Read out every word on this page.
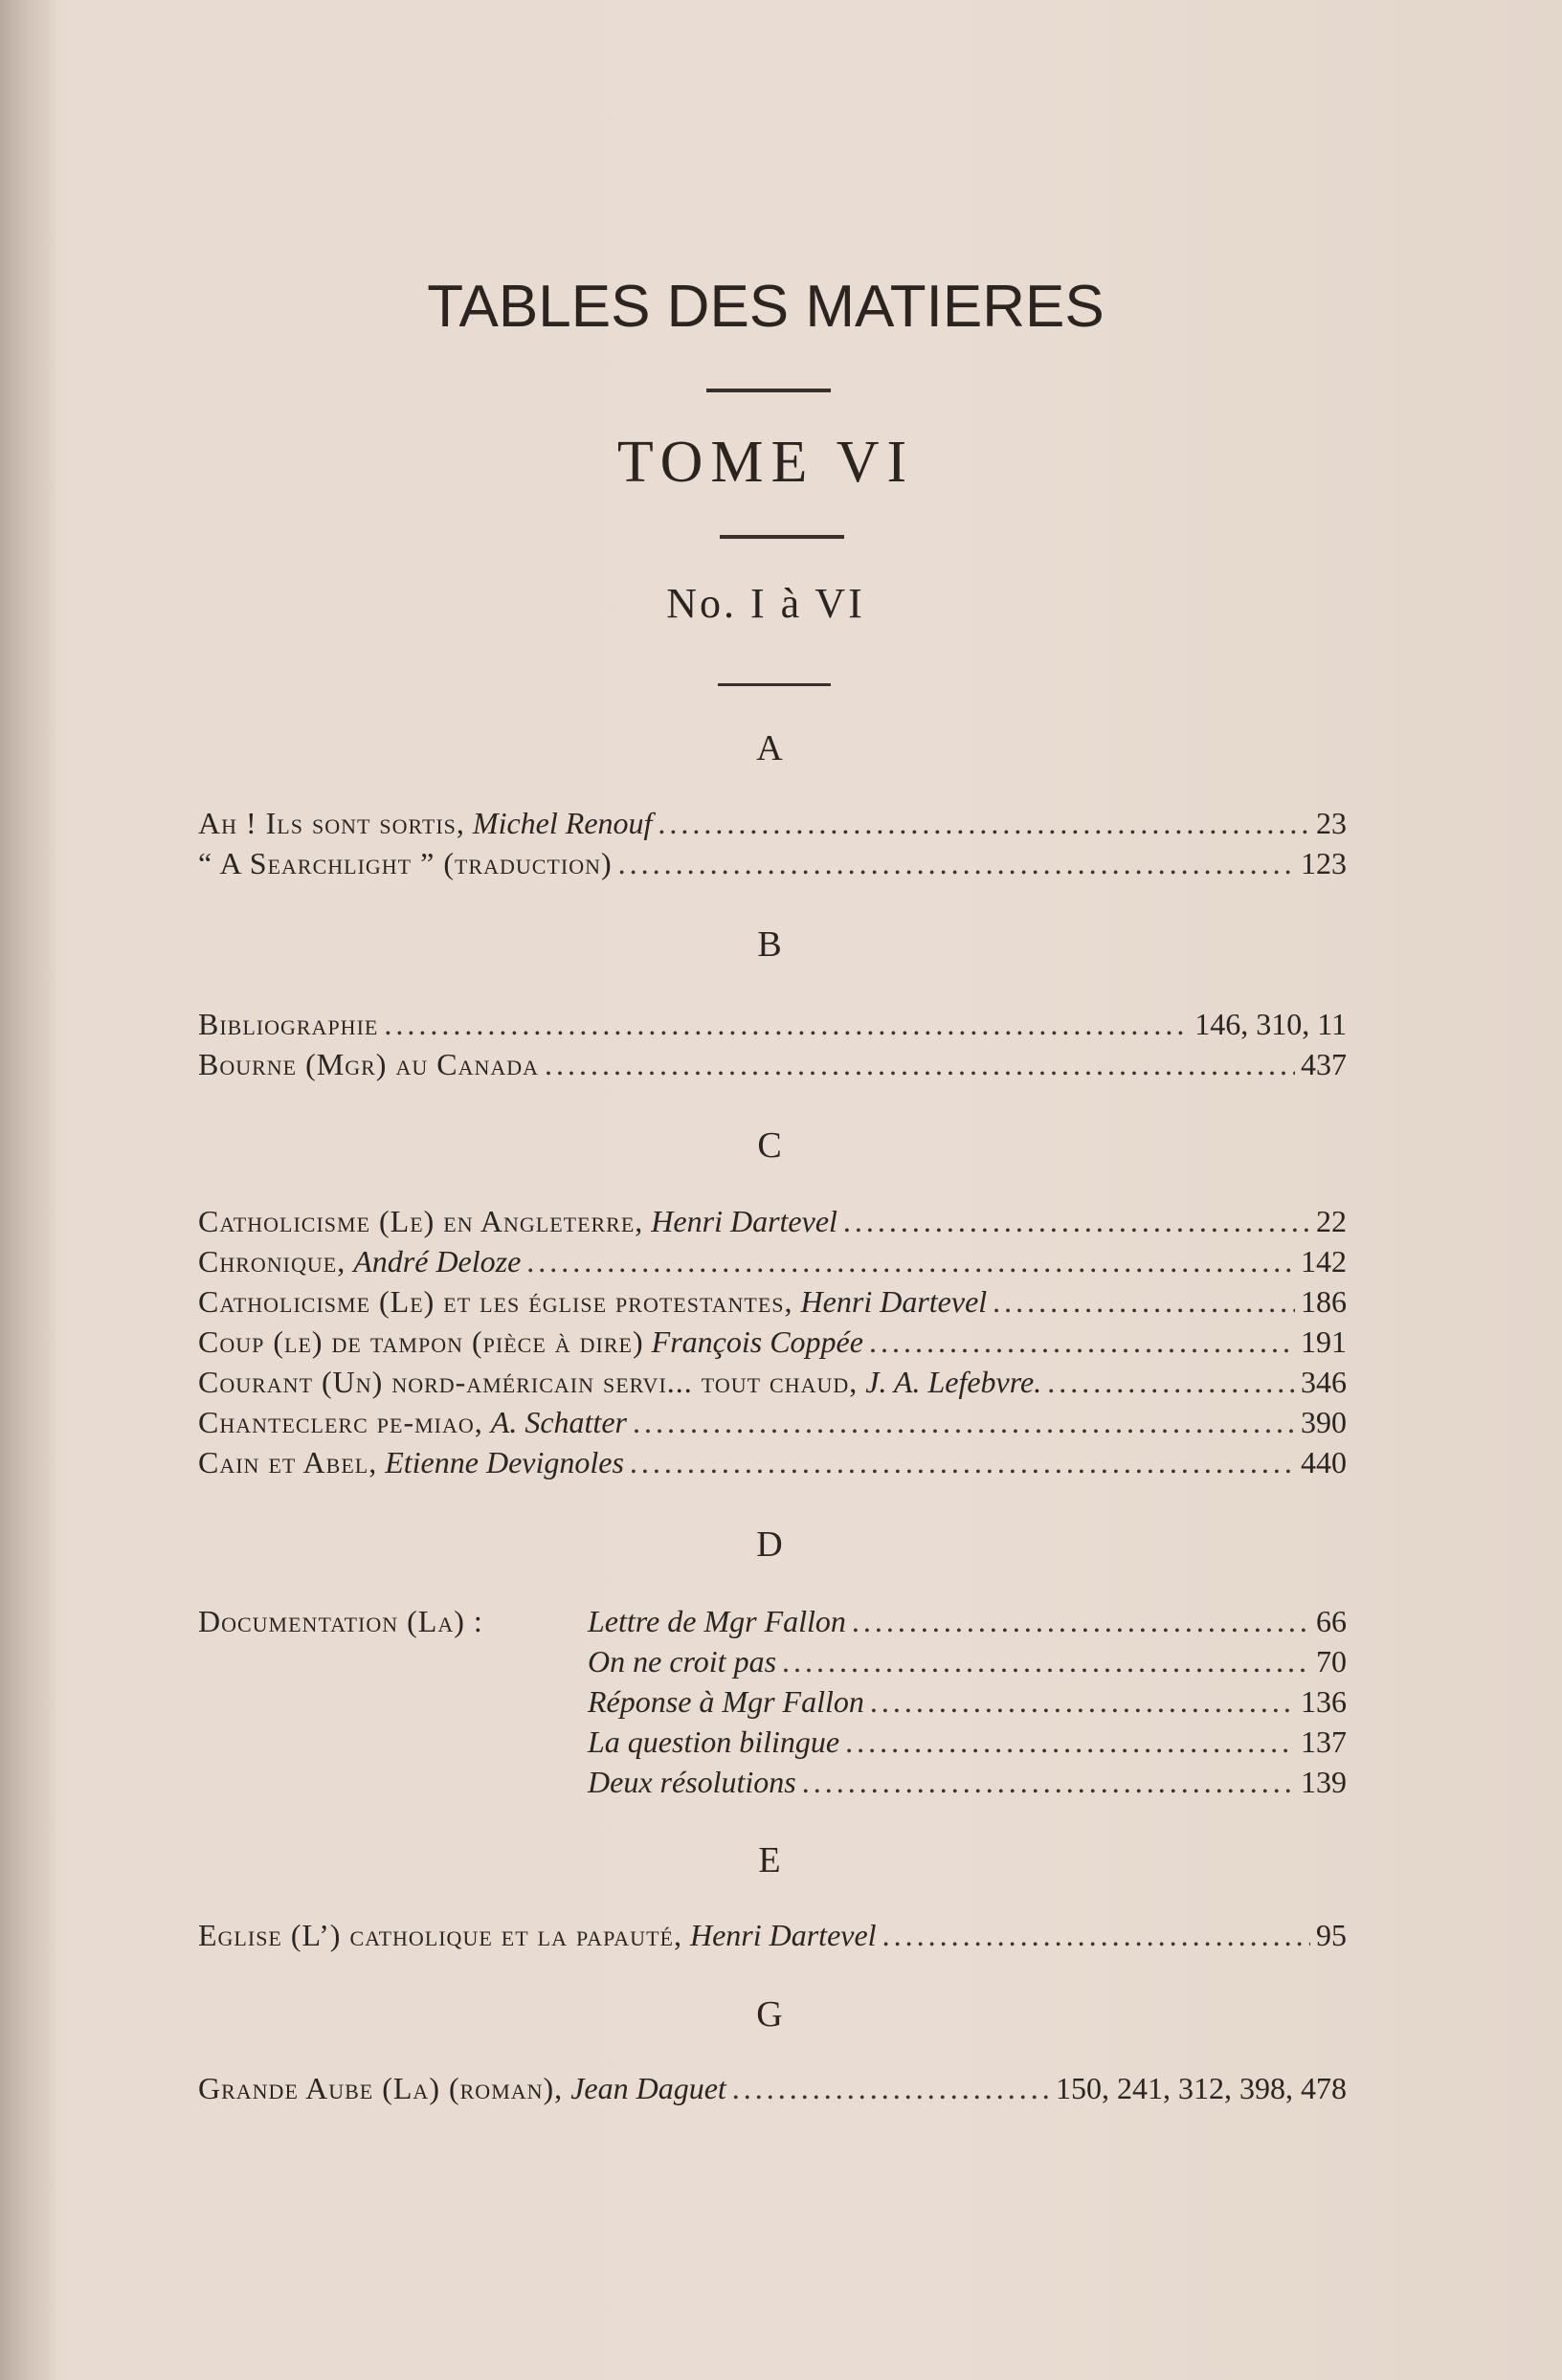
TABLES DES MATIERES
TOME VI
No. I à VI
A
Ah ! Ils sont sortis, Michel Renouf .....	23
“ A Searchlight ” (traduction) .....	123
B
Bibliographie .....	146, 310, 11
Bourne (Mgr) au Canada .....	437
C
Catholicisme (Le) en Angleterre, Henri Dartevel .....	22
Chronique, André Deloze .....	142
Catholicisme (Le) et les église protestantes, Henri Dartevel .....	186
Coup (le) de tampon (pièce à dire) François Coppée .....	191
Courant (Un) nord-américain servi... tout chaud, J. A. Lefebvre. .....	346
Chanteclerc pe-miao, A. Schatter .....	390
Cain et Abel, Etienne Devignoles .....	440
D
Documentation (La) :	Lettre de Mgr Fallon .....	66
On ne croit pas .....	70
Réponse à Mgr Fallon .....	136
La question bilingue .....	137
Deux résolutions .....	139
E
Eglise (L’) catholique et la papauté, Henri Dartevel .....	95
G
Grande Aube (La) (roman), Jean Daguet .....	150, 241, 312, 398, 478
